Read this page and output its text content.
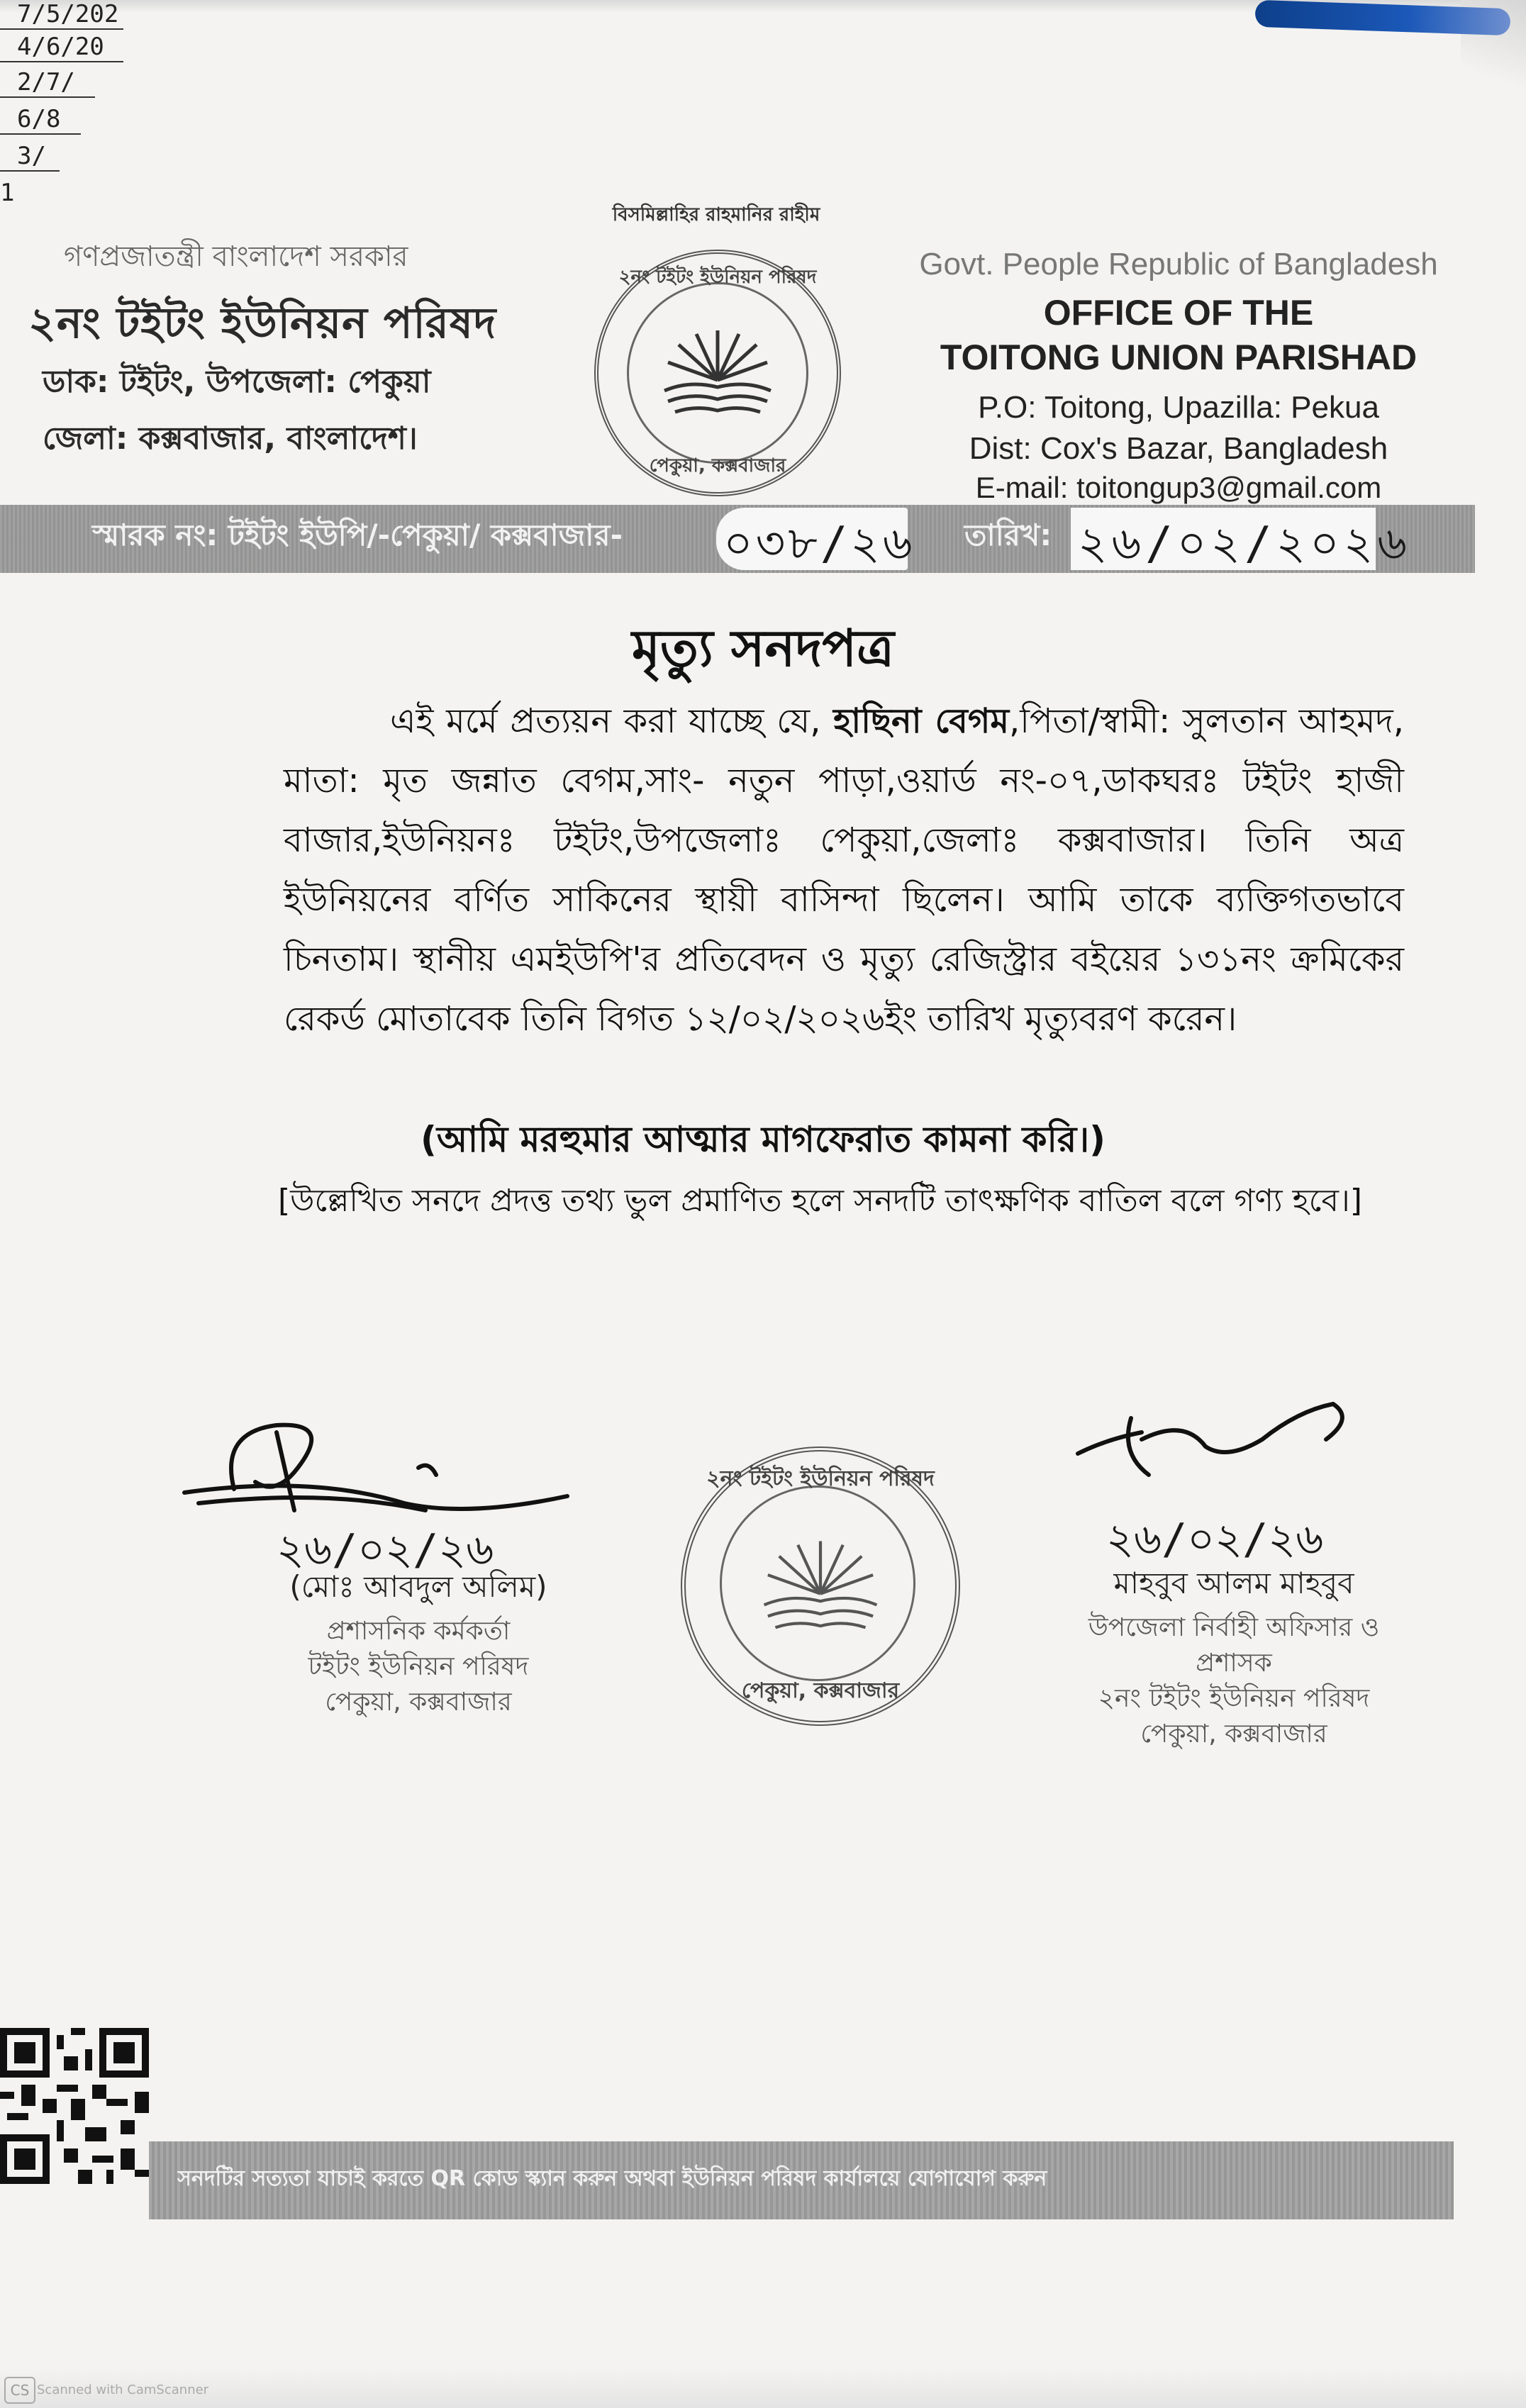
7/5/202
4/6/20
2/7/
6/8
3/
1
বিসমিল্লাহির রাহমানির রাহীম
গণপ্রজাতন্ত্রী বাংলাদেশ সরকার
২নং টইটং ইউনিয়ন পরিষদ
ডাক: টইটং, উপজেলা: পেকুয়া
জেলা: কক্সবাজার, বাংলাদেশ।
Govt. People Republic of Bangladesh
OFFICE OF THE
TOITONG UNION PARISHAD
P.O: Toitong, Upazilla: Pekua
Dist: Cox's Bazar, Bangladesh
E-mail: toitongup3@gmail.com
২নং টইটং ইউনিয়ন পরিষদ
পেকুয়া, কক্সবাজার
স্মারক নং: টইটং ইউপি/-পেকুয়া/ কক্সবাজার- ০৩৮/২৬ তারিখ: ২৬/০২/২০২৬
মৃত্যু সনদপত্র
এই মর্মে প্রত্যয়ন করা যাচ্ছে যে, হাছিনা বেগম,পিতা/স্বামী: সুলতান আহমদ, মাতা: মৃত জন্নাত বেগম,সাং- নতুন পাড়া,ওয়ার্ড নং-০৭,ডাকঘরঃ টইটং হাজী বাজার,ইউনিয়নঃ টইটং,উপজেলাঃ পেকুয়া,জেলাঃ কক্সবাজার। তিনি অত্র ইউনিয়নের বর্ণিত সাকিনের স্থায়ী বাসিন্দা ছিলেন। আমি তাকে ব্যক্তিগতভাবে চিনতাম। স্থানীয় এমইউপি'র প্রতিবেদন ও মৃত্যু রেজিস্ট্রার বইয়ের ১৩১নং ক্রমিকের রেকর্ড মোতাবেক তিনি বিগত ১২/০২/২০২৬ইং তারিখ মৃত্যুবরণ করেন।
(আমি মরহুমার আত্মার মাগফেরাত কামনা করি।)
[উল্লেখিত সনদে প্রদত্ত তথ্য ভুল প্রমাণিত হলে সনদটি তাৎক্ষণিক বাতিল বলে গণ্য হবে।]
২৬/০২/২৬
(মোঃ আবদুল অলিম)
প্রশাসনিক কর্মকর্তা
টইটং ইউনিয়ন পরিষদ
পেকুয়া, কক্সবাজার
২নং টইটং ইউনিয়ন পরিষদ
পেকুয়া, কক্সবাজার
২৬/০২/২৬
মাহবুব আলম মাহবুব
উপজেলা নির্বাহী অফিসার ও
প্রশাসক
২নং টইটং ইউনিয়ন পরিষদ
পেকুয়া, কক্সবাজার
সনদটির সত্যতা যাচাই করতে QR কোড স্ক্যান করুন অথবা ইউনিয়ন পরিষদ কার্যালয়ে যোগাযোগ করুন
CS Scanned with CamScanner
